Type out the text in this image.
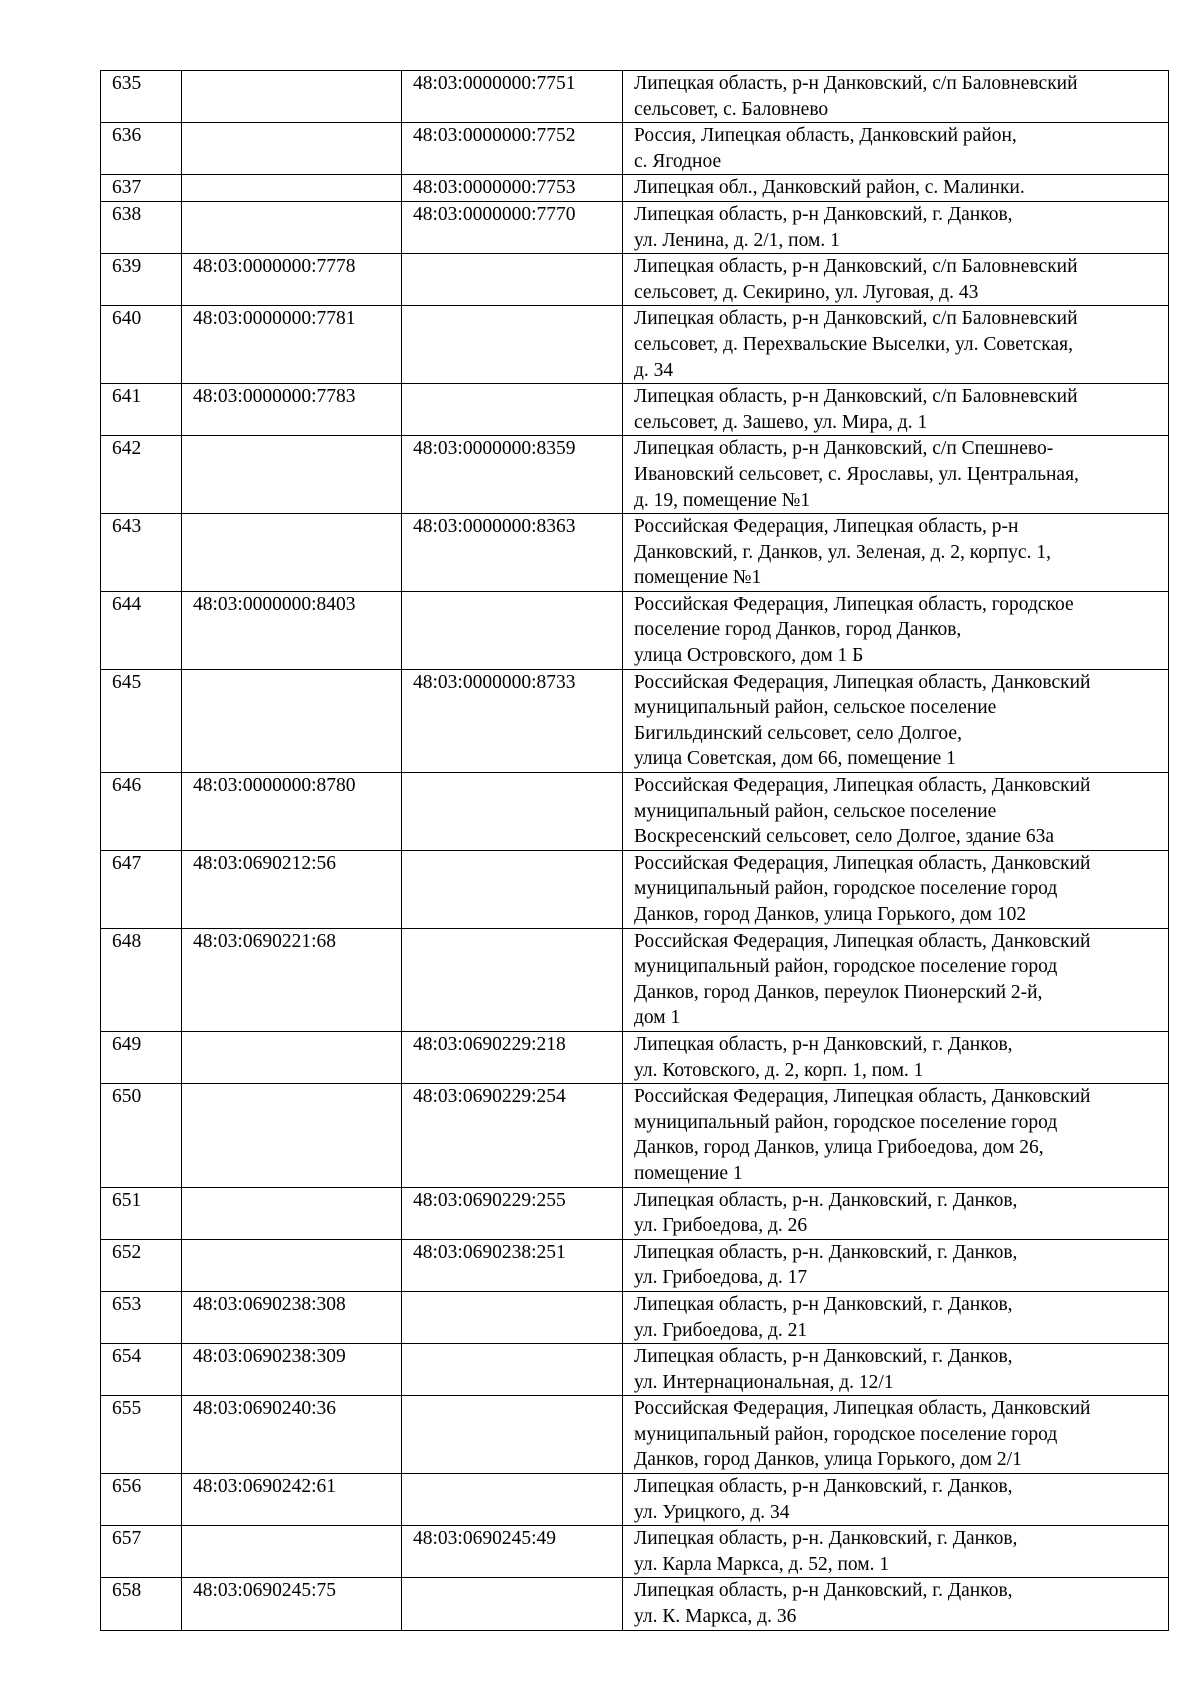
635		48:03:0000000:7751	Липецкая область, р-н Данковский, с/п Баловневский
сельсовет, с. Баловнево

636		48:03:0000000:7752	Россия, Липецкая область, Данковский район,
с. Ягодное

637		48:03:0000000:7753	Липецкая обл., Данковский район, с. Малинки.

638		48:03:0000000:7770	Липецкая область, р-н Данковский, г. Данков,
ул. Ленина, д. 2/1, пом. 1

639	48:03:0000000:7778		Липецкая область, р-н Данковский, с/п Баловневский
сельсовет, д. Секирино, ул. Луговая, д. 43

640	48:03:0000000:7781		Липецкая область, р-н Данковский, с/п Баловневский
сельсовет, д. Перехвальские Выселки, ул. Советская,
д. 34

641	48:03:0000000:7783		Липецкая область, р-н Данковский, с/п Баловневский
сельсовет, д. Зашево, ул. Мира, д. 1

642		48:03:0000000:8359	Липецкая область, р-н Данковский, с/п Спешнево-
Ивановский сельсовет, с. Ярославы, ул. Центральная,
д. 19, помещение №1

643		48:03:0000000:8363	Российская Федерация, Липецкая область, р-н
Данковский, г. Данков, ул. Зеленая, д. 2, корпус. 1,
помещение №1

644	48:03:0000000:8403		Российская Федерация, Липецкая область, городское
поселение город Данков, город Данков,
улица Островского, дом 1 Б

645		48:03:0000000:8733	Российская Федерация, Липецкая область, Данковский
муниципальный район, сельское поселение
Бигильдинский сельсовет, село Долгое,
улица Советская, дом 66, помещение 1

646	48:03:0000000:8780		Российская Федерация, Липецкая область, Данковский
муниципальный район, сельское поселение
Воскресенский сельсовет, село Долгое, здание 63а

647	48:03:0690212:56		Российская Федерация, Липецкая область, Данковский
муниципальный район, городское поселение город
Данков, город Данков, улица Горького, дом 102

648	48:03:0690221:68		Российская Федерация, Липецкая область, Данковский
муниципальный район, городское поселение город
Данков, город Данков, переулок Пионерский 2-й,
дом 1

649		48:03:0690229:218	Липецкая область, р-н Данковский, г. Данков,
ул. Котовского, д. 2, корп. 1, пом. 1

650		48:03:0690229:254	Российская Федерация, Липецкая область, Данковский
муниципальный район, городское поселение город
Данков, город Данков, улица Грибоедова, дом 26,
помещение 1

651		48:03:0690229:255	Липецкая область, р-н. Данковский, г. Данков,
ул. Грибоедова, д. 26

652		48:03:0690238:251	Липецкая область, р-н. Данковский, г. Данков,
ул. Грибоедова, д. 17

653	48:03:0690238:308		Липецкая область, р-н Данковский, г. Данков,
ул. Грибоедова, д. 21

654	48:03:0690238:309		Липецкая область, р-н Данковский, г. Данков,
ул. Интернациональная, д. 12/1

655	48:03:0690240:36		Российская Федерация, Липецкая область, Данковский
муниципальный район, городское поселение город
Данков, город Данков, улица Горького, дом 2/1

656	48:03:0690242:61		Липецкая область, р-н Данковский, г. Данков,
ул. Урицкого, д. 34

657		48:03:0690245:49	Липецкая область, р-н. Данковский, г. Данков,
ул. Карла Маркса, д. 52, пом. 1

658	48:03:0690245:75		Липецкая область, р-н Данковский, г. Данков,
ул. К. Маркса, д. 36
